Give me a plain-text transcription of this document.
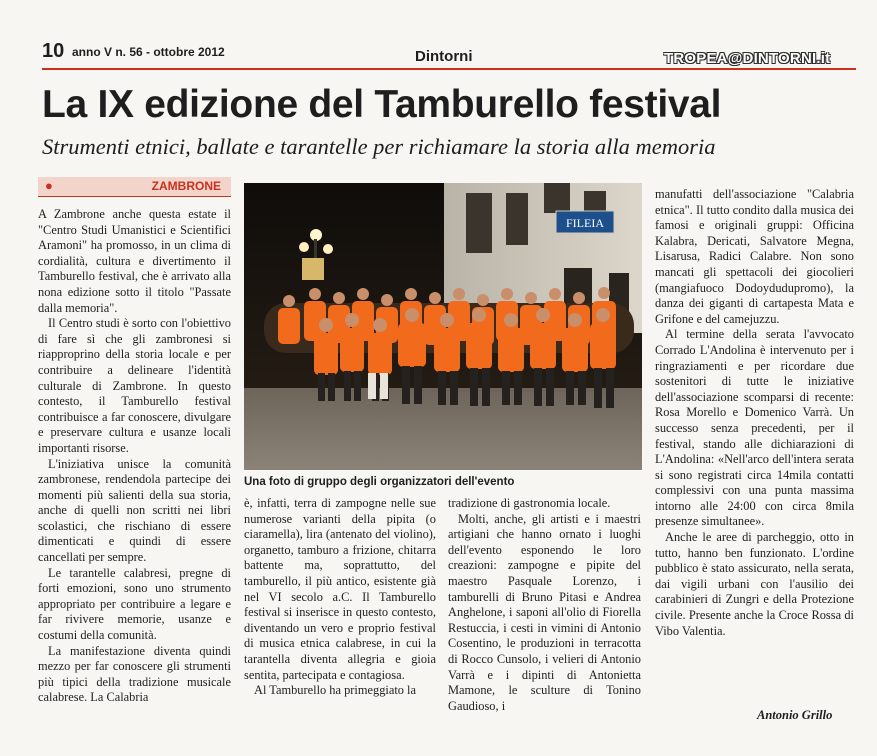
10 anno V n. 56 - ottobre 2012	Dintorni	TROPEA@DINTORNI.it
La IX edizione del Tamburello festival
Strumenti etnici, ballate e tarantelle per richiamare la storia alla memoria
●	ZAMBRONE

A Zambrone anche questa estate il "Centro Studi Umanistici e Scientifici Aramoni" ha promosso, in un clima di cordialità, cultura e divertimento il Tamburello festival, che è arrivato alla nona edizione sotto il titolo "Passate dalla memoria".

Il Centro studi è sorto con l'obiettivo di fare sì che gli zambronesi si riapproprino della storia locale e per contribuire a delineare l'identità culturale di Zambrone. In questo contesto, il Tamburello festival contribuisce a far conoscere, divulgare e preservare cultura e usanze locali importanti risorse.

L'iniziativa unisce la comunità zambronese, rendendola partecipe dei momenti più salienti della sua storia, anche di quelli non scritti nei libri scolastici, che rischiano di essere dimenticati e quindi di essere cancellati per sempre.

Le tarantelle calabresi, pregne di forti emozioni, sono uno strumento appropriato per contribuire a legare e far rivivere memorie, usanze e costumi della comunità.

La manifestazione diventa quindi mezzo per far conoscere gli strumenti più tipici della tradizione musicale calabrese. La Calabria

FILEIA
Una foto di gruppo degli organizzatori dell'evento

è, infatti, terra di zampogne nelle sue numerose varianti della pipita (o ciaramella), lira (antenato del violino), organetto, tamburo a frizione, chitarra battente ma, soprattutto, del tamburello, il più antico, esistente già nel VI secolo a.C. Il Tamburello festival si inserisce in questo contesto, diventando un vero e proprio festival di musica etnica calabrese, in cui la tarantella diventa allegria e gioia sentita, partecipata e contagiosa.

Al Tamburello ha primeggiato la

tradizione di gastronomia locale.

Molti, anche, gli artisti e i maestri artigiani che hanno ornato i luoghi dell'evento esponendo le loro creazioni: zampogne e pipite del maestro Pasquale Lorenzo, i tamburelli di Bruno Pitasi e Andrea Anghelone, i saponi all'olio di Fiorella Restuccia, i cesti in vimini di Antonio Cosentino, le produzioni in terracotta di Rocco Cunsolo, i velieri di Antonio Varrà e i dipinti di Antonietta Mamone, le sculture di Tonino Gaudioso, i

manufatti dell'associazione "Calabria etnica". Il tutto condito dalla musica dei famosi e originali gruppi: Officina Kalabra, Dericati, Salvatore Megna, Lisarusa, Radici Calabre. Non sono mancati gli spettacoli dei giocolieri (mangiafuoco Dodoyduduprom​o), la danza dei giganti di cartapesta Mata e Grifone e del camejuzzu.

Al termine della serata l'avvocato Corrado L'Andolina è intervenuto per i ringraziamenti e per ricordare due sostenitori di tutte le iniziative dell'associazione scomparsi di recente: Rosa Morello e Domenico Varrà. Un successo senza precedenti, per il festival, stando alle dichiarazioni di L'Andolina: «Nell'arco dell'intera serata si sono registrati circa 14mila contatti complessivi con una punta massima intorno alle 24:00 con circa 8mila presenze simultanee».

Anche le aree di parcheggio, otto in tutto, hanno ben funzionato. L'ordine pubblico è stato assicurato, nella serata, dai vigili urbani con l'ausilio dei carabinieri di Zungri e della Protezione civile. Presente anche la Croce Rossa di Vibo Valentia.

Antonio Grillo
